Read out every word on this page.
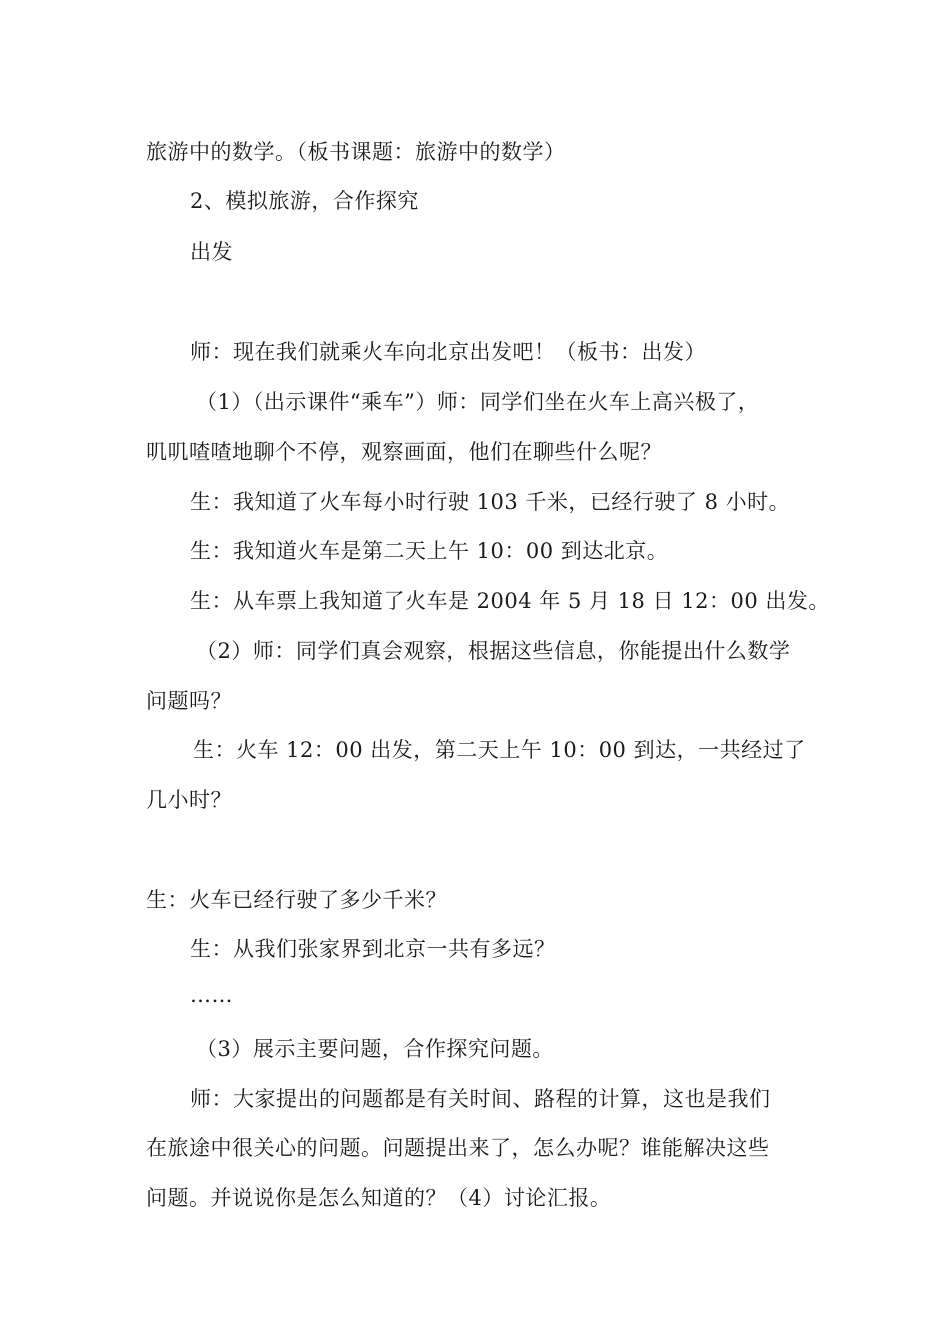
旅游中的数学。（板书课题：旅游中的数学）
2、模拟旅游，合作探究
出发
师：现在我们就乘火车向北京出发吧！（板书：出发）
（1）（出示课件“乘车”）师：同学们坐在火车上高兴极了，
叽叽喳喳地聊个不停，观察画面，他们在聊些什么呢？
生：我知道了火车每小时行驶 103 千米，已经行驶了 8 小时。
生：我知道火车是第二天上午 10：00 到达北京。
生：从车票上我知道了火车是 2004 年 5 月 18 日 12：00 出发。
（2）师：同学们真会观察，根据这些信息，你能提出什么数学
问题吗？
生：火车 12：00 出发，第二天上午 10：00 到达，一共经过了
几小时？
生：火车已经行驶了多少千米？
生：从我们张家界到北京一共有多远？
……
（3）展示主要问题，合作探究问题。
师：大家提出的问题都是有关时间、路程的计算，这也是我们
在旅途中很关心的问题。问题提出来了，怎么办呢？谁能解决这些
问题。并说说你是怎么知道的？（4）讨论汇报。
